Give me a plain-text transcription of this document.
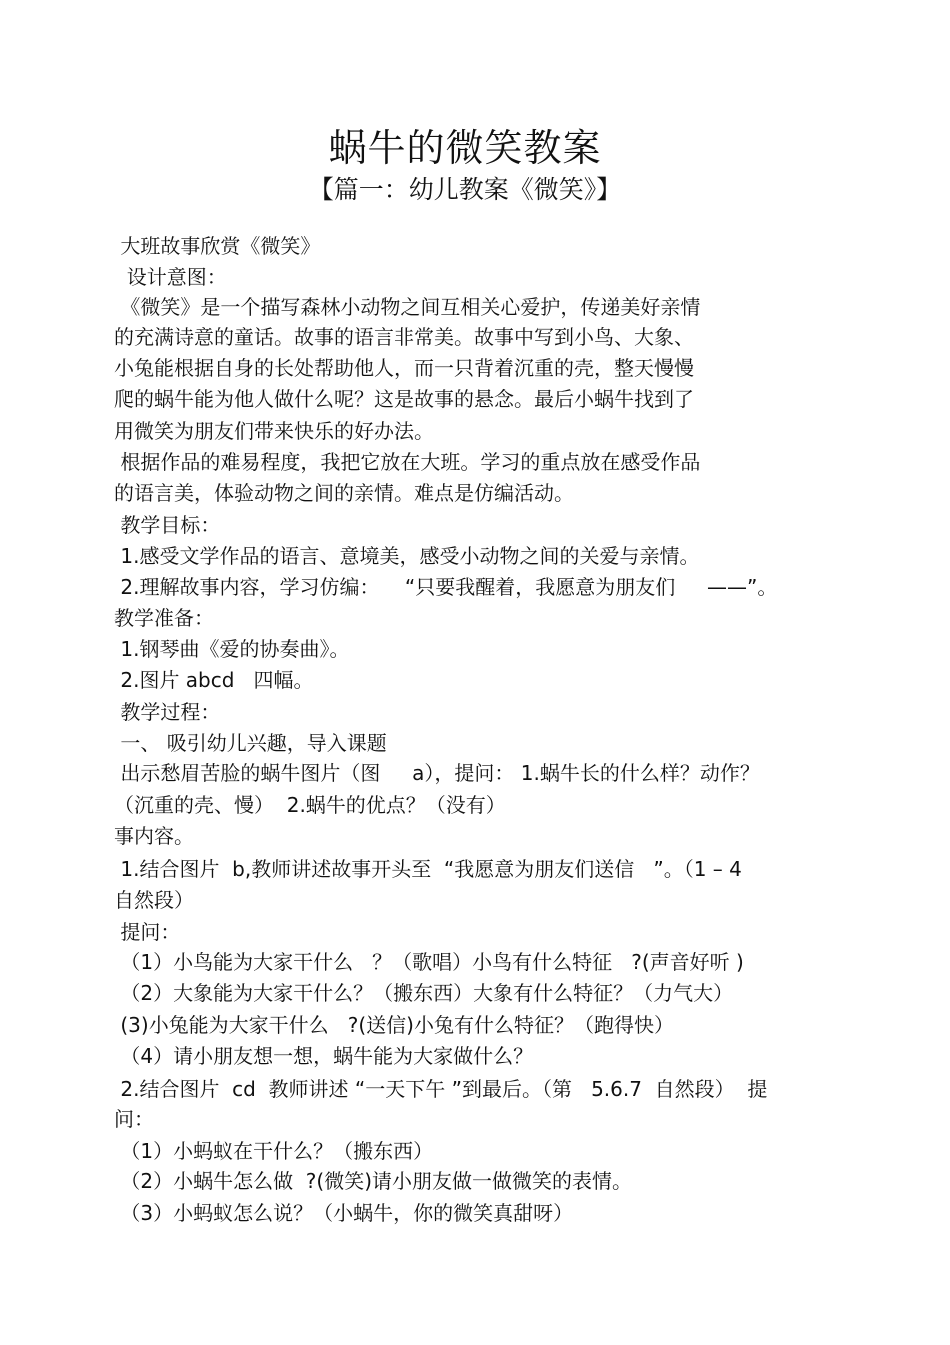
蜗牛的微笑教案
【篇一：幼儿教案《微笑》】
大班故事欣赏《微笑》
设计意图：
《微笑》是一个描写森林小动物之间互相关心爱护，传递美好亲情
的充满诗意的童话。故事的语言非常美。故事中写到小鸟、大象、
小兔能根据自身的长处帮助他人，而一只背着沉重的壳，整天慢慢
爬的蜗牛能为他人做什么呢？这是故事的悬念。最后小蜗牛找到了
用微笑为朋友们带来快乐的好办法。
根据作品的难易程度，我把它放在大班。学习的重点放在感受作品
的语言美，体验动物之间的亲情。难点是仿编活动。
教学目标：
1.感受文学作品的语言、意境美，感受小动物之间的关爱与亲情。
2.理解故事内容，学习仿编：    “只要我醒着，我愿意为朋友们     ——”。
教学准备：
1.钢琴曲《爱的协奏曲》。
2.图片 abcd   四幅。
教学过程：
一、 吸引幼儿兴趣，导入课题
出示愁眉苦脸的蜗牛图片（图     a），提问： 1.蜗牛长的什么样？动作？
（沉重的壳、慢）  2.蜗牛的优点？（没有）
事内容。
1.结合图片  b,教师讲述故事开头至  “我愿意为朋友们送信   ”。（1 – 4
自然段）
提问：
（1）小鸟能为大家干什么   ？（歌唱）小鸟有什么特征   ?(声音好听 )
（2）大象能为大家干什么？（搬东西）大象有什么特征？（力气大）
(3)小兔能为大家干什么   ?(送信)小兔有什么特征？（跑得快）
（4）请小朋友想一想，蜗牛能为大家做什么？
2.结合图片  cd  教师讲述 “一天下午 ”到最后。（第   5.6.7  自然段）  提
问：
（1）小蚂蚁在干什么？（搬东西）
（2）小蜗牛怎么做  ?(微笑)请小朋友做一做微笑的表情。
（3）小蚂蚁怎么说？（小蜗牛，你的微笑真甜呀）
